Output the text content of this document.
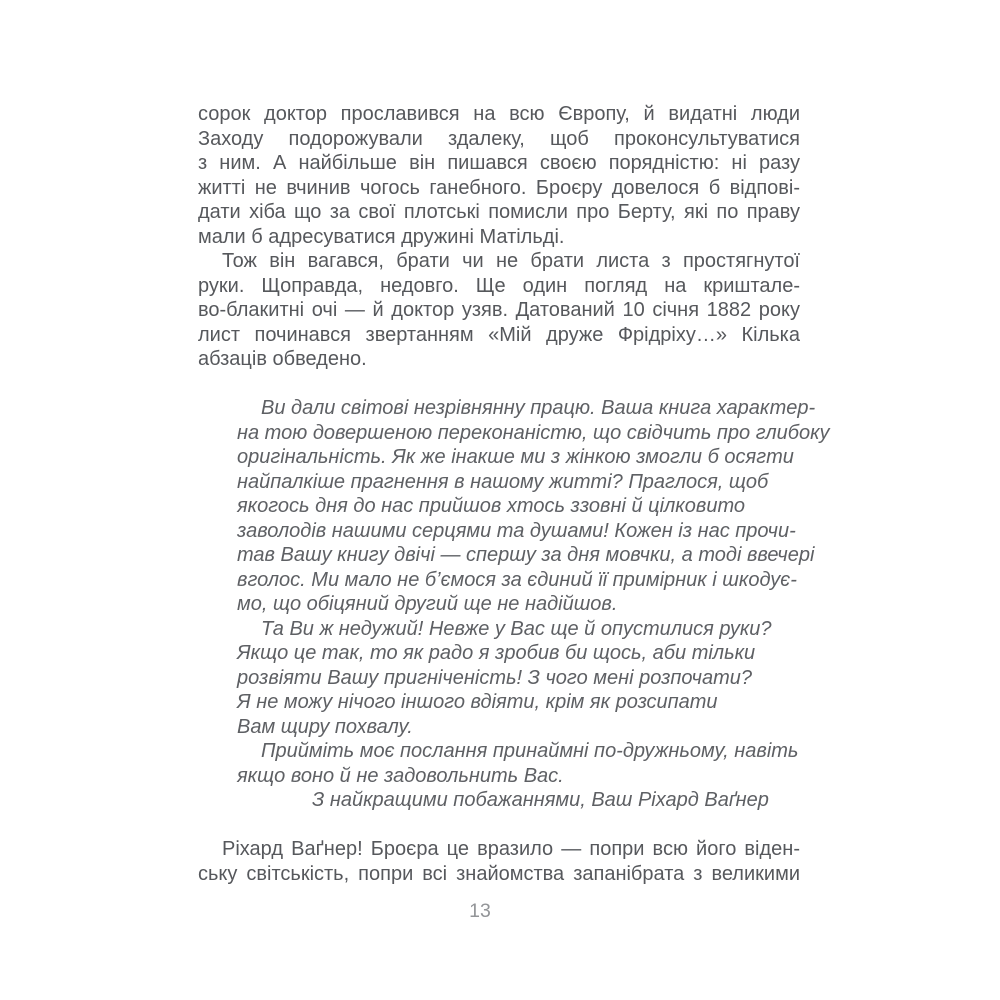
сорок доктор прославився на всю Європу, й видатні люди
Заходу подорожували здалеку, щоб проконсультуватися
з ним. А найбільше він пишався своєю порядністю: ні разу
житті не вчинив чогось ганебного. Броєру довелося б відпові-
дати хіба що за свої плотські помисли про Берту, які по праву
мали б адресуватися дружині Матільді.
Тож він вагався, брати чи не брати листа з простягнутої
руки. Щоправда, недовго. Ще один погляд на криштале-
во-блакитні очі — й доктор узяв. Датований 10 січня 1882 року
лист починався звертанням «Мій друже Фрідріху…» Кілька
абзаців обведено.
Ви дали світові незрівнянну працю. Ваша книга характер-
на тою довершеною переконаністю, що свідчить про глибоку
оригінальність. Як же інакше ми з жінкою змогли б осягти
найпалкіше прагнення в нашому житті? Праглося, щоб
якогось дня до нас прийшов хтось ззовні й цілковито
заволодів нашими серцями та душами! Кожен із нас прочи-
тав Вашу книгу двічі — спершу за дня мовчки, а тоді ввечері
вголос. Ми мало не б’ємося за єдиний її примірник і шкодує-
мо, що обіцяний другий ще не надійшов.
Та Ви ж недужий! Невже у Вас ще й опустилися руки?
Якщо це так, то як радо я зробив би щось, аби тільки
розвіяти Вашу пригніченість! З чого мені розпочати?
Я не можу нічого іншого вдіяти, крім як розсипати
Вам щиру похвалу.
Прийміть моє послання принаймні по-дружньому, навіть
якщо воно й не задовольнить Вас.
З найкращими побажаннями, Ваш Ріхард Ваґнер
Ріхард Ваґнер! Броєра це вразило — попри всю його віден-
ську світськість, попри всі знайомства запанібрата з великими
13
